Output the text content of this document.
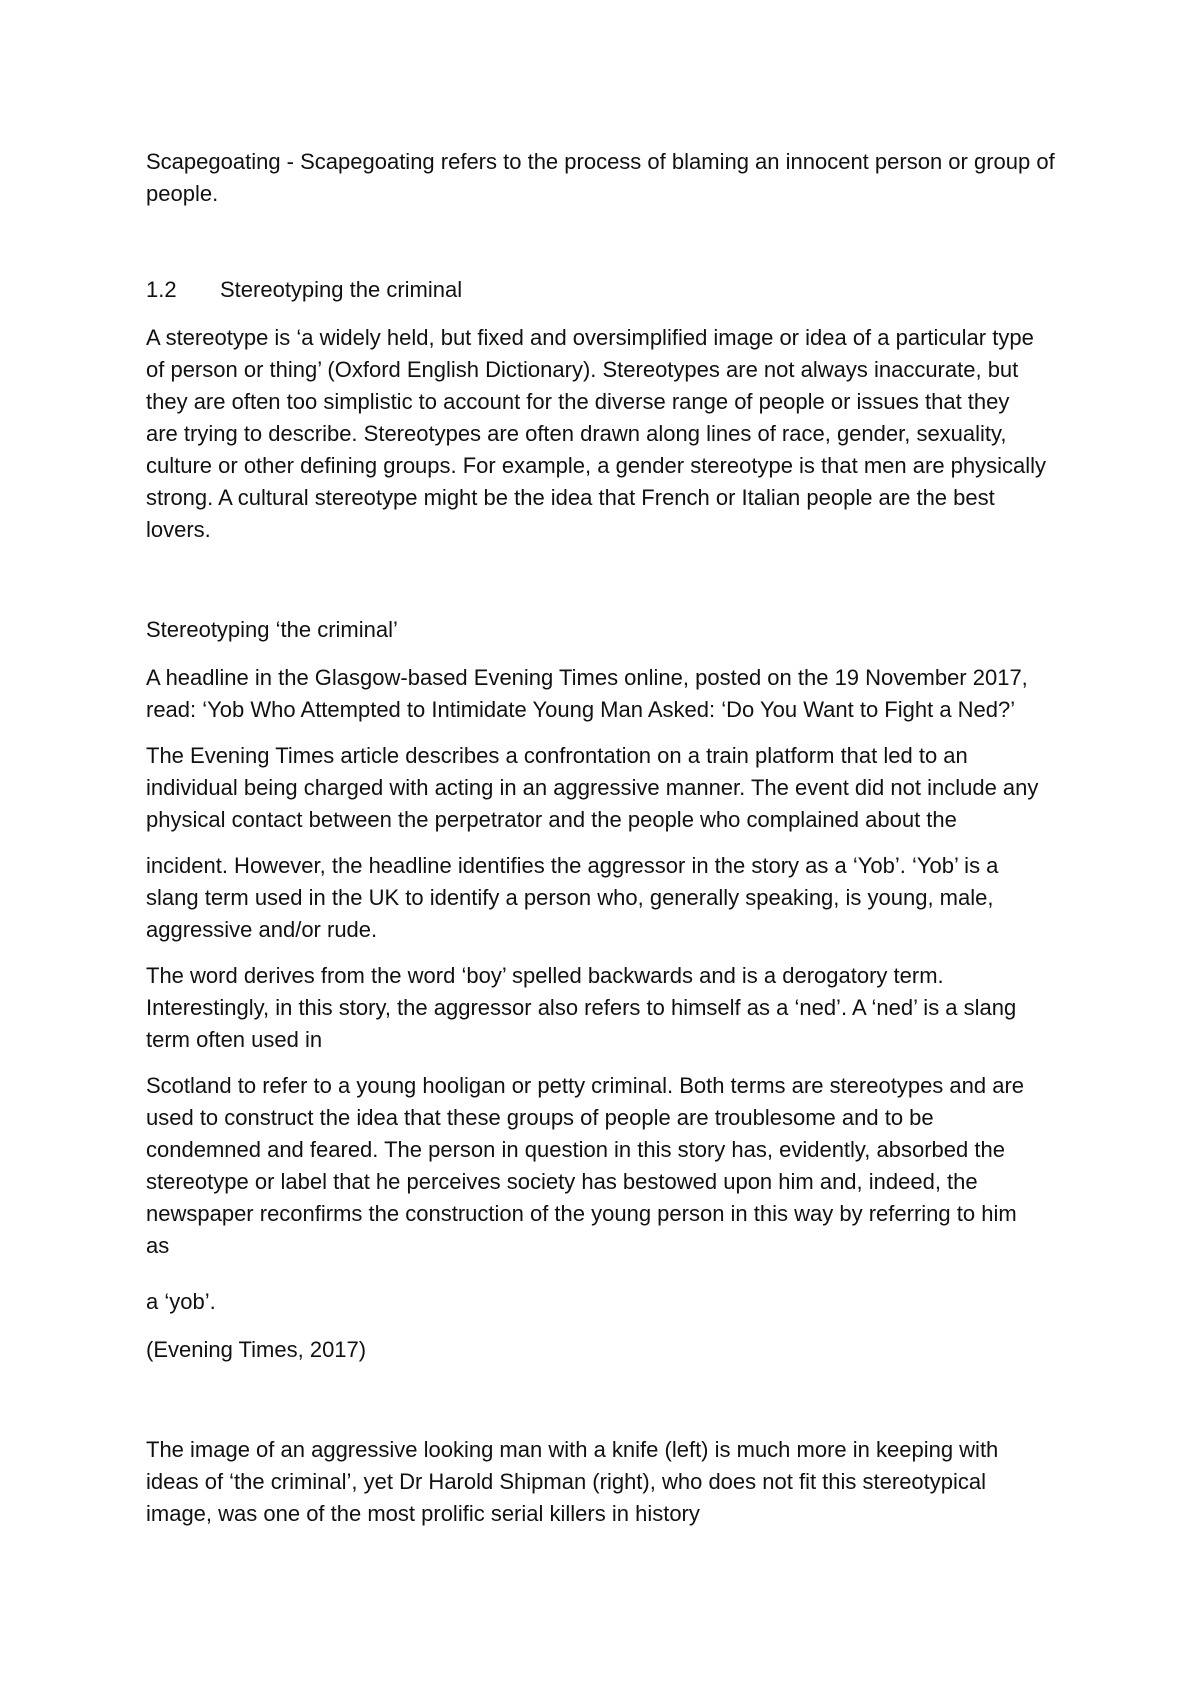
Scapegoating - Scapegoating refers to the process of blaming an innocent person or group of
people.

1.2 Stereotyping the criminal

A stereotype is ‘a widely held, but fixed and oversimplified image or idea of a particular type
of person or thing’ (Oxford English Dictionary). Stereotypes are not always inaccurate, but
they are often too simplistic to account for the diverse range of people or issues that they
are trying to describe. Stereotypes are often drawn along lines of race, gender, sexuality,
culture or other defining groups. For example, a gender stereotype is that men are physically
strong. A cultural stereotype might be the idea that French or Italian people are the best
lovers.

Stereotyping ‘the criminal’

A headline in the Glasgow-based Evening Times online, posted on the 19 November 2017,
read: ‘Yob Who Attempted to Intimidate Young Man Asked: ‘Do You Want to Fight a Ned?’

The Evening Times article describes a confrontation on a train platform that led to an
individual being charged with acting in an aggressive manner. The event did not include any
physical contact between the perpetrator and the people who complained about the

incident. However, the headline identifies the aggressor in the story as a ‘Yob’. ‘Yob’ is a
slang term used in the UK to identify a person who, generally speaking, is young, male,
aggressive and/or rude.

The word derives from the word ‘boy’ spelled backwards and is a derogatory term.
Interestingly, in this story, the aggressor also refers to himself as a ‘ned’. A ‘ned’ is a slang
term often used in

Scotland to refer to a young hooligan or petty criminal. Both terms are stereotypes and are
used to construct the idea that these groups of people are troublesome and to be
condemned and feared. The person in question in this story has, evidently, absorbed the
stereotype or label that he perceives society has bestowed upon him and, indeed, the
newspaper reconfirms the construction of the young person in this way by referring to him
as

a ‘yob’.

(Evening Times, 2017)

The image of an aggressive looking man with a knife (left) is much more in keeping with
ideas of ‘the criminal’, yet Dr Harold Shipman (right), who does not fit this stereotypical
image, was one of the most prolific serial killers in history
